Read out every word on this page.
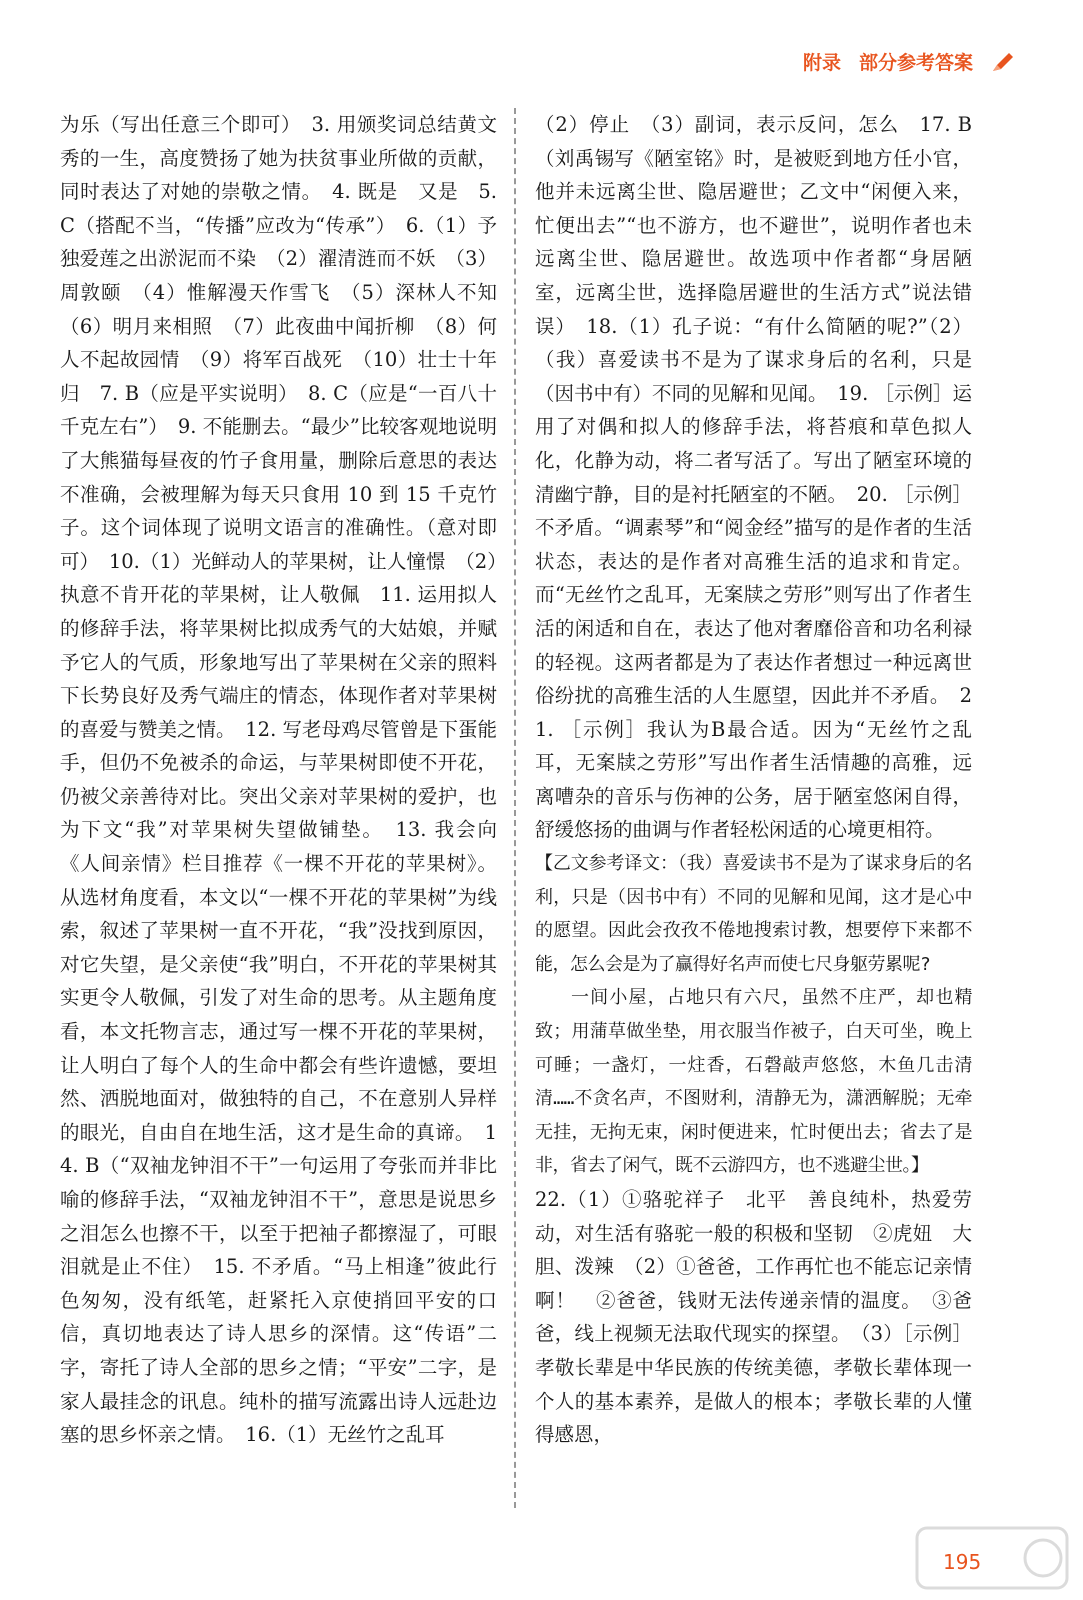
附录 部分参考答案

为乐（写出任意三个即可）　3. 用颁奖词总结黄文秀的一生，高度赞扬了她为扶贫事业所做的贡献，同时表达了对她的崇敬之情。　4. 既是　又是　5. C（搭配不当，“传播”应改为“传承”）　6.（1）予独爱莲之出淤泥而不染　（2）濯清涟而不妖　（3）周敦颐　（4）惟解漫天作雪飞　（5）深林人不知　（6）明月来相照　（7）此夜曲中闻折柳　（8）何人不起故园情　（9）将军百战死　（10）壮士十年归　7. B（应是平实说明）　8. C（应是“一百八十千克左右”）　9. 不能删去。“最少”比较客观地说明了大熊猫每昼夜的竹子食用量，删除后意思的表达不准确，会被理解为每天只食用 10 到 15 千克竹子。这个词体现了说明文语言的准确性。（意对即可）　10.（1）光鲜动人的苹果树，让人憧憬　（2）执意不肯开花的苹果树，让人敬佩　11. 运用拟人的修辞手法，将苹果树比拟成秀气的大姑娘，并赋予它人的气质，形象地写出了苹果树在父亲的照料下长势良好及秀气端庄的情态，体现作者对苹果树的喜爱与赞美之情。　12. 写老母鸡尽管曾是下蛋能手，但仍不免被杀的命运，与苹果树即使不开花，仍被父亲善待对比。突出父亲对苹果树的爱护，也为下文“我”对苹果树失望做铺垫。　13. 我会向《人间亲情》栏目推荐《一棵不开花的苹果树》。从选材角度看，本文以“一棵不开花的苹果树”为线索，叙述了苹果树一直不开花，“我”没找到原因，对它失望，是父亲使“我”明白，不开花的苹果树其实更令人敬佩，引发了对生命的思考。从主题角度看，本文托物言志，通过写一棵不开花的苹果树，让人明白了每个人的生命中都会有些许遗憾，要坦然、洒脱地面对，做独特的自己，不在意别人异样的眼光，自由自在地生活，这才是生命的真谛。　14. B（“双袖龙钟泪不干”一句运用了夸张而并非比喻的修辞手法，“双袖龙钟泪不干”，意思是说思乡之泪怎么也擦不干，以至于把袖子都擦湿了，可眼泪就是止不住）　15. 不矛盾。“马上相逢”彼此行色匆匆，没有纸笔，赶紧托入京使捎回平安的口信，真切地表达了诗人思乡的深情。这“传语”二字，寄托了诗人全部的思乡之情；“平安”二字，是家人最挂念的讯息。纯朴的描写流露出诗人远赴边塞的思乡怀亲之情。　16.（1）无丝竹之乱耳

（2）停止　（3）副词，表示反问，怎么　17. B（刘禹锡写《陋室铭》时，是被贬到地方任小官，他并未远离尘世、隐居避世；乙文中“闲便入来，忙便出去”“也不游方，也不避世”，说明作者也未远离尘世、隐居避世。故选项中作者都“身居陋室，远离尘世，选择隐居避世的生活方式”说法错误）　18.（1）孔子说：“有什么简陋的呢?”（2）（我）喜爱读书不是为了谋求身后的名利，只是（因书中有）不同的见解和见闻。　19. ［示例］运用了对偶和拟人的修辞手法，将苔痕和草色拟人化，化静为动，将二者写活了。写出了陋室环境的清幽宁静，目的是衬托陋室的不陋。　20. ［示例］不矛盾。“调素琴”和“阅金经”描写的是作者的生活状态，表达的是作者对高雅生活的追求和肯定。而“无丝竹之乱耳，无案牍之劳形”则写出了作者生活的闲适和自在，表达了他对奢靡俗音和功名利禄的轻视。这两者都是为了表达作者想过一种远离世俗纷扰的高雅生活的人生愿望，因此并不矛盾。　21. ［示例］我认为B最合适。因为“无丝竹之乱耳，无案牍之劳形”写出作者生活情趣的高雅，远离嘈杂的音乐与伤神的公务，居于陋室悠闲自得，舒缓悠扬的曲调与作者轻松闲适的心境更相符。

【乙文参考译文：（我）喜爱读书不是为了谋求身后的名利，只是（因书中有）不同的见解和见闻，这才是心中的愿望。因此会孜孜不倦地搜索讨教，想要停下来都不能，怎么会是为了赢得好名声而使七尺身躯劳累呢?

一间小屋，占地只有六尺，虽然不庄严，却也精致；用蒲草做坐垫，用衣服当作被子，白天可坐，晚上可睡；一盏灯，一炷香，石磬敲声悠悠，木鱼几击清清……不贪名声，不图财利，清静无为，潇洒解脱；无牵无挂，无拘无束，闲时便进来，忙时便出去；省去了是非，省去了闲气，既不云游四方，也不逃避尘世。】

22.（1）①骆驼祥子　北平　善良纯朴，热爱劳动，对生活有骆驼一般的积极和坚韧　②虎妞　大胆、泼辣　（2）①爸爸，工作再忙也不能忘记亲情啊！　②爸爸，钱财无法传递亲情的温度。　③爸爸，线上视频无法取代现实的探望。　（3）［示例］孝敬长辈是中华民族的传统美德，孝敬长辈体现一个人的基本素养，是做人的根本；孝敬长辈的人懂得感恩，

195
